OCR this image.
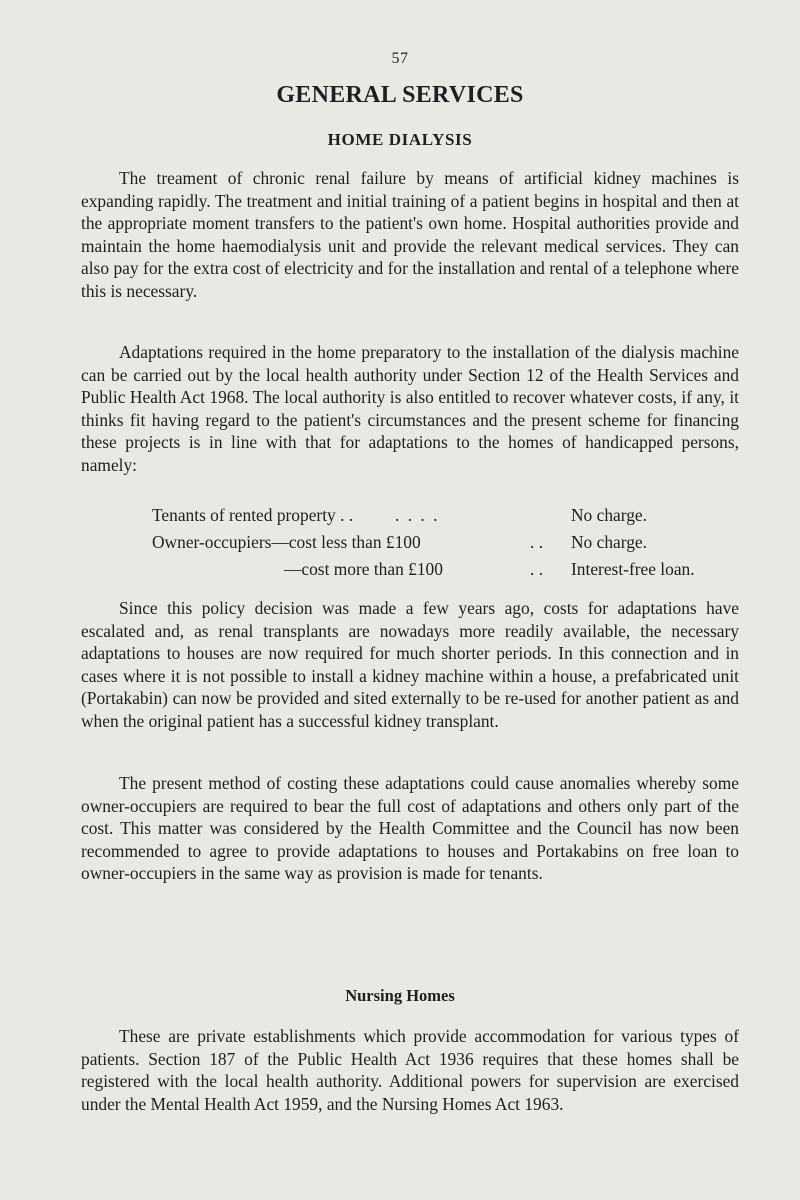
57
GENERAL SERVICES
HOME DIALYSIS

The treament of chronic renal failure by means of artificial kidney machines is expanding rapidly. The treatment and initial training of a patient begins in hospital and then at the appropriate moment transfers to the patient's own home. Hospital authorities provide and maintain the home haemodialysis unit and provide the relevant medical services. They can also pay for the extra cost of electricity and for the installation and rental of a telephone where this is necessary.

Adaptations required in the home preparatory to the installation of the dialysis machine can be carried out by the local health authority under Section 12 of the Health Services and Public Health Act 1968. The local authority is also entitled to recover whatever costs, if any, it thinks fit having regard to the patient's circumstances and the present scheme for financing these projects is in line with that for adaptations to the homes of handicapped persons, namely:

Tenants of rented property . . . . . .	No charge.
Owner-occupiers—cost less than £100	. . No charge.
—cost more than £100	. . Interest-free loan.

Since this policy decision was made a few years ago, costs for adaptations have escalated and, as renal transplants are nowadays more readily available, the necessary adaptations to houses are now required for much shorter periods. In this connection and in cases where it is not possible to install a kidney machine within a house, a prefabricated unit (Portakabin) can now be provided and sited externally to be re-used for another patient as and when the original patient has a successful kidney transplant.

The present method of costing these adaptations could cause anomalies whereby some owner-occupiers are required to bear the full cost of adaptations and others only part of the cost. This matter was considered by the Health Committee and the Council has now been recommended to agree to provide adaptations to houses and Portakabins on free loan to owner-occupiers in the same way as provision is made for tenants.

Nursing Homes

These are private establishments which provide accommodation for various types of patients. Section 187 of the Public Health Act 1936 requires that these homes shall be registered with the local health authority. Additional powers for supervision are exercised under the Mental Health Act 1959, and the Nursing Homes Act 1963.
